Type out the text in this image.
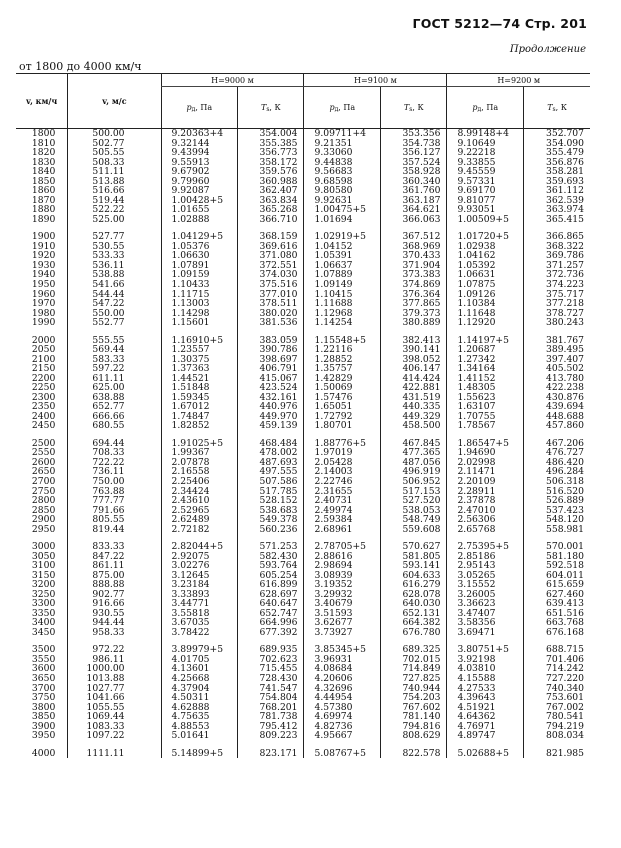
ГОСТ 5212—74 Стр. 201
Продолжение
от 1800 до 4000 км/ч
v, км/ч	v, м/с	H=9000 м		H=9100 м		H=9200 м	
		pд, Па	Ts, К	pд, Па	Ts, К	pд, Па	Ts, К
1800	500.00	9.20363+4	354.004	9.09711+4	353.356	8.99148+4	352.707
1810	502.77	9.32144	355.385	9.21351	354.738	9.10649	354.090
1820	505.55	9.43994	356.773	9.33060	356.127	9.22218	355.479
1830	508.33	9.55913	358.172	9.44838	357.524	9.33855	356.876
1840	511.11	9.67902	359.576	9.56683	358.928	9.45559	358.281
1850	513.88	9.79960	360.988	9.68598	360.340	9.57331	359.693
1860	516.66	9.92087	362.407	9.80580	361.760	9.69170	361.112
1870	519.44	1.00428+5	363.834	9.92631	363.187	9.81077	362.539
1880	522.22	1.01655	365.268	1.00475+5	364.621	9.93051	363.974
1890	525.00	1.02888	366.710	1.01694	366.063	1.00509+5	365.415

1900	527.77	1.04129+5	368.159	1.02919+5	367.512	1.01720+5	366.865
1910	530.55	1.05376	369.616	1.04152	368.969	1.02938	368.322
1920	533.33	1.06630	371.080	1.05391	370.433	1.04162	369.786
1930	536.11	1.07891	372.551	1.06637	371.904	1.05392	371.257
1940	538.88	1.09159	374.030	1.07889	373.383	1.06631	372.736
1950	541.66	1.10433	375.516	1.09149	374.869	1.07875	374.223
1960	544.44	1.11715	377.010	1.10415	376.364	1.09126	375.717
1970	547.22	1.13003	378.511	1.11688	377.865	1.10384	377.218
1980	550.00	1.14298	380.020	1.12968	379.373	1.11648	378.727
1990	552.77	1.15601	381.536	1.14254	380.889	1.12920	380.243

2000	555.55	1.16910+5	383.059	1.15548+5	382.413	1.14197+5	381.767
2050	569.44	1.23557	390.786	1.22116	390.141	1.20687	389.495
2100	583.33	1.30375	398.697	1.28852	398.052	1.27342	397.407
2150	597.22	1.37363	406.791	1.35757	406.147	1.34164	405.502
2200	611.11	1.44521	415.067	1.42829	414.424	1.41152	413.780
2250	625.00	1.51848	423.524	1.50069	422.881	1.48305	422.238
2300	638.88	1.59345	432.161	1.57476	431.519	1.55623	430.876
2350	652.77	1.67012	440.976	1.65051	440.335	1.63107	439.694
2400	666.66	1.74847	449.970	1.72792	449.329	1.70755	448.688
2450	680.55	1.82852	459.139	1.80701	458.500	1.78567	457.860

2500	694.44	1.91025+5	468.484	1.88776+5	467.845	1.86547+5	467.206
2550	708.33	1.99367	478.002	1.97019	477.365	1.94690	476.727
2600	722.22	2.07878	487.693	2.05428	487.056	2.02998	486.420
2650	736.11	2.16558	497.555	2.14003	496.919	2.11471	496.284
2700	750.00	2.25406	507.586	2.22746	506.952	2.20109	506.318
2750	763.88	2.34424	517.785	2.31655	517.153	2.28911	516.520
2800	777.77	2.43610	528.152	2.40731	527.520	2.37878	526.889
2850	791.66	2.52965	538.683	2.49974	538.053	2.47010	537.423
2900	805.55	2.62489	549.378	2.59384	548.749	2.56306	548.120
2950	819.44	2.72182	560.236	2.68961	559.608	2.65768	558.981

3000	833.33	2.82044+5	571.253	2.78705+5	570.627	2.75395+5	570.001
3050	847.22	2.92075	582.430	2.88616	581.805	2.85186	581.180
3100	861.11	3.02276	593.764	2.98694	593.141	2.95143	592.518
3150	875.00	3.12645	605.254	3.08939	604.633	3.05265	604.011
3200	888.88	3.23184	616.899	3.19352	616.279	3.15552	615.659
3250	902.77	3.33893	628.697	3.29932	628.078	3.26005	627.460
3300	916.66	3.44771	640.647	3.40679	640.030	3.36623	639.413
3350	930.55	3.55818	652.747	3.51593	652.131	3.47407	651.516
3400	944.44	3.67035	664.996	3.62677	664.382	3.58356	663.768
3450	958.33	3.78422	677.392	3.73927	676.780	3.69471	676.168

3500	972.22	3.89979+5	689.935	3.85345+5	689.325	3.80751+5	688.715
3550	986.11	4.01705	702.623	3.96931	702.015	3.92198	701.406
3600	1000.00	4.13601	715.455	4.08684	714.849	4.03810	714.242
3650	1013.88	4.25668	728.430	4.20606	727.825	4.15588	727.220
3700	1027.77	4.37904	741.547	4.32696	740.944	4.27533	740.340
3750	1041.66	4.50311	754.804	4.44954	754.203	4.39643	753.601
3800	1055.55	4.62888	768.201	4.57380	767.602	4.51921	767.002
3850	1069.44	4.75635	781.738	4.69974	781.140	4.64362	780.541
3900	1083.33	4.88553	795.412	4.82736	794.816	4.76971	794.219
3950	1097.22	5.01641	809.223	4.95667	808.629	4.89747	808.034

4000	1111.11	5.14899+5	823.171	5.08767+5	822.578	5.02688+5	821.985
